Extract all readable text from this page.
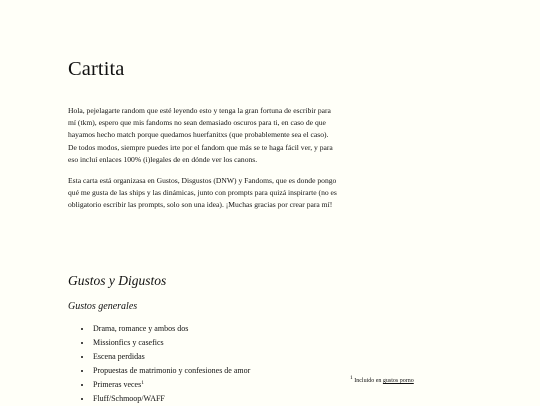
Cartita

Hola, pejelagarte random que esté leyendo esto y tenga la gran fortuna de escribir para mí (tkm), espero que mis fandoms no sean demasiado oscuros para ti, en caso de que hayamos hecho match porque quedamos huerfanitxs (que probablemente sea el caso). De todos modos, siempre puedes irte por el fandom que más se te haga fácil ver, y para eso incluí enlaces 100% (i)legales de en dónde ver los canons.

Esta carta está organizasa en Gustos, Disgustos (DNW) y Fandoms, que es donde pongo qué me gusta de las ships y las dinámicas, junto con prompts para quizá inspirarte (no es obligatorio escribir las prompts, solo son una idea). ¡Muchas gracias por crear para mí!

Gustos y Digustos
Gustos generales
• Drama, romance y ambos dos
• Missionfics y casefics
• Escena perdidas
• Propuestas de matrimonio y confesiones de amor
• Primeras veces$^1$
• Fluff/Schmoop/WAFF
$^1$ Incluido en gustos porno
